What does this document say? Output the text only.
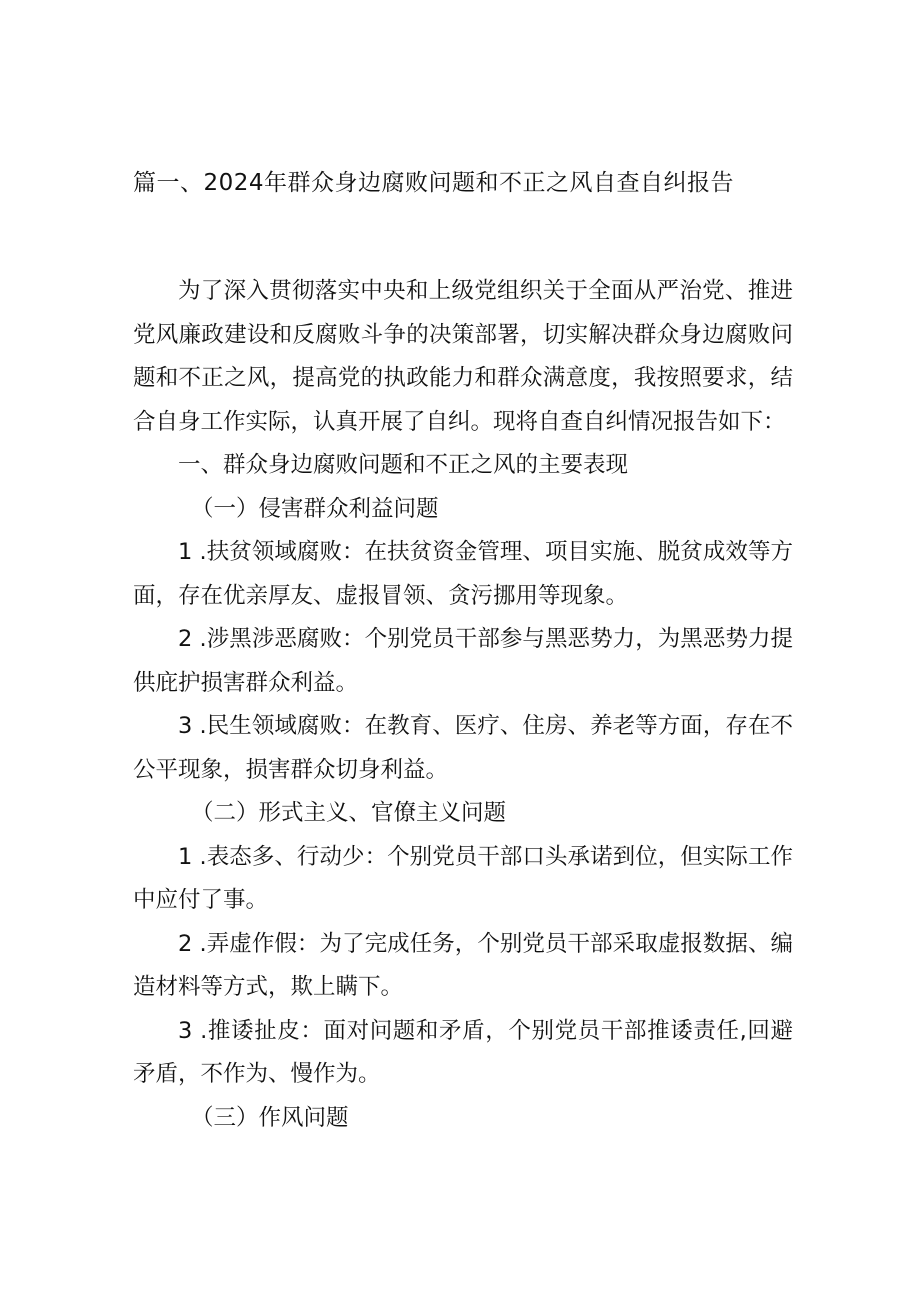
篇一、2024年群众身边腐败问题和不正之风自查自纠报告

为了深入贯彻落实中央和上级党组织关于全面从严治党、推进党风廉政建设和反腐败斗争的决策部署，切实解决群众身边腐败问题和不正之风，提高党的执政能力和群众满意度，我按照要求，结合自身工作实际，认真开展了自纠。现将自查自纠情况报告如下：

一、群众身边腐败问题和不正之风的主要表现

（一）侵害群众利益问题

1 .扶贫领域腐败：在扶贫资金管理、项目实施、脱贫成效等方面，存在优亲厚友、虚报冒领、贪污挪用等现象。

2 .涉黑涉恶腐败：个别党员干部参与黑恶势力，为黑恶势力提供庇护损害群众利益。

3 .民生领域腐败：在教育、医疗、住房、养老等方面，存在不公平现象，损害群众切身利益。

（二）形式主义、官僚主义问题

1 .表态多、行动少：个别党员干部口头承诺到位，但实际工作中应付了事。

2 .弄虚作假：为了完成任务，个别党员干部采取虚报数据、编造材料等方式，欺上瞒下。

3 .推诿扯皮：面对问题和矛盾，个别党员干部推诿责任,回避矛盾，不作为、慢作为。

（三）作风问题
